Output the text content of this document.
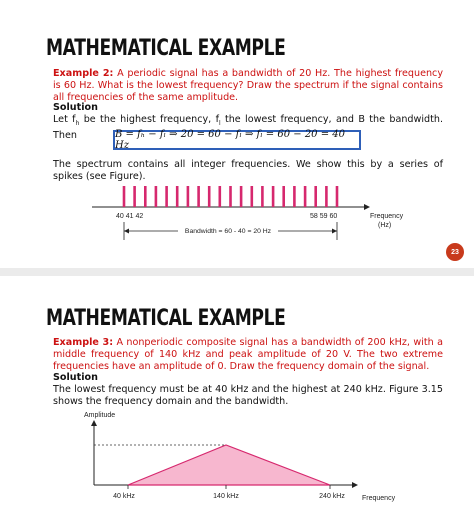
MATHEMATICAL EXAMPLE
Example 2: A periodic signal has a bandwidth of 20 Hz. The highest frequency is 60 Hz. What is the lowest frequency? Draw the spectrum if the signal contains all frequencies of the same amplitude.
Solution
Let $f_h$ be the highest frequency, $f_l$ the lowest frequency, and B the bandwidth. Then	B = fₕ − fₗ ⇒ 20 = 60 − fₗ ⇒ fₗ = 60 − 20 = 40 Hz
The spectrum contains all integer frequencies. We show this by a series of spikes (see Figure).
40 41 42	58 59 60	Frequency
(Hz)
Bandwidth = 60 - 40 = 20 Hz
23
MATHEMATICAL EXAMPLE
Example 3: A nonperiodic composite signal has a bandwidth of 200 kHz, with a middle frequency of 140 kHz and peak amplitude of 20 V. The two extreme frequencies have an amplitude of 0. Draw the frequency domain of the signal.
Solution
The lowest frequency must be at 40 kHz and the highest at 240 kHz. Figure 3.15 shows the frequency domain and the bandwidth.
Amplitude
40 kHz	140 kHz	240 kHz Frequency
